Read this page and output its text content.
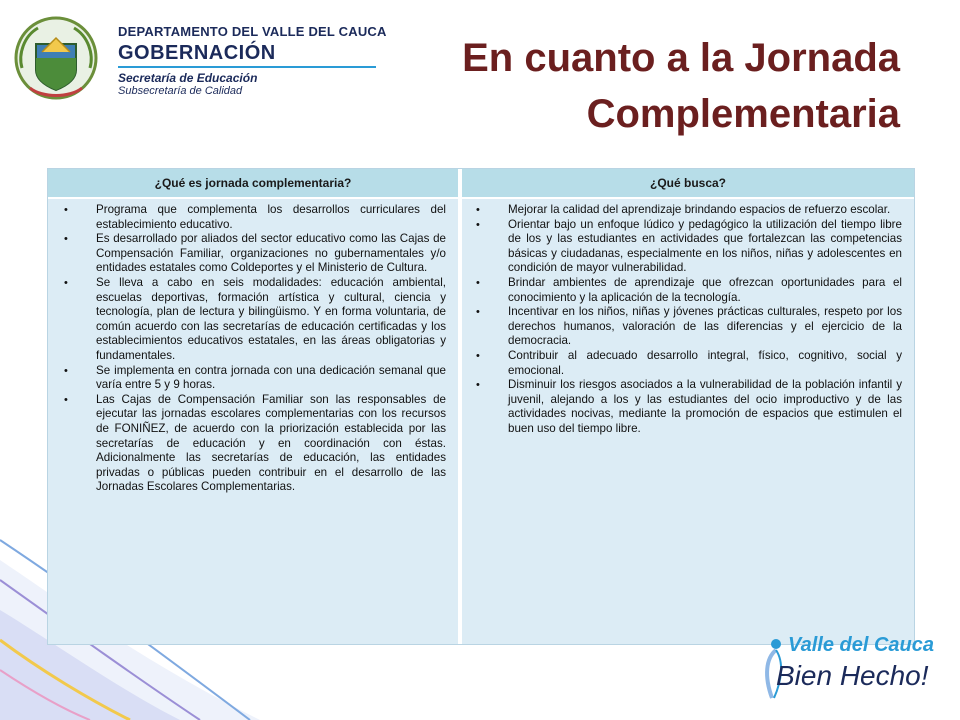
DEPARTAMENTO DEL VALLE DEL CAUCA
GOBERNACIÓN
Secretaría de Educación
Subsecretaría de Calidad
En cuanto a la Jornada
Complementaria
¿Qué es jornada complementaria?	¿Qué busca?
• Programa que complementa los desarrollos curriculares del establecimiento educativo.
• Es desarrollado por aliados del sector educativo como las Cajas de Compensación Familiar, organizaciones no gubernamentales y/o entidades estatales como Coldeportes y el Ministerio de Cultura.
• Se lleva a cabo en seis modalidades: educación ambiental, escuelas deportivas, formación artística y cultural, ciencia y tecnología, plan de lectura y bilingüismo. Y en forma voluntaria, de común acuerdo con las secretarías de educación certificadas y los establecimientos educativos estatales, en las áreas obligatorias y fundamentales.
• Se implementa en contra jornada con una dedicación semanal que varía entre 5 y 9 horas.
• Las Cajas de Compensación Familiar son las responsables de ejecutar las jornadas escolares complementarias con los recursos de FONIÑEZ, de acuerdo con la priorización establecida por las secretarías de educación y en coordinación con éstas. Adicionalmente las secretarías de educación, las entidades privadas o públicas pueden contribuir en el desarrollo de las Jornadas Escolares Complementarias.
• Mejorar la calidad del aprendizaje brindando espacios de refuerzo escolar.
• Orientar bajo un enfoque lúdico y pedagógico la utilización del tiempo libre de los y las estudiantes en actividades que fortalezcan las competencias básicas y ciudadanas, especialmente en los niños, niñas y adolescentes en condición de mayor vulnerabilidad.
• Brindar ambientes de aprendizaje que ofrezcan oportunidades para el conocimiento y la aplicación de la tecnología.
• Incentivar en los niños, niñas y jóvenes prácticas culturales, respeto por los derechos humanos, valoración de las diferencias y el ejercicio de la democracia.
• Contribuir al adecuado desarrollo integral, físico, cognitivo, social y emocional.
• Disminuir los riesgos asociados a la vulnerabilidad de la población infantil y juvenil, alejando a los y las estudiantes del ocio improductivo y de las actividades nocivas, mediante la promoción de espacios que estimulen el buen uso del tiempo libre.
Valle del Cauca
Bien Hecho!
